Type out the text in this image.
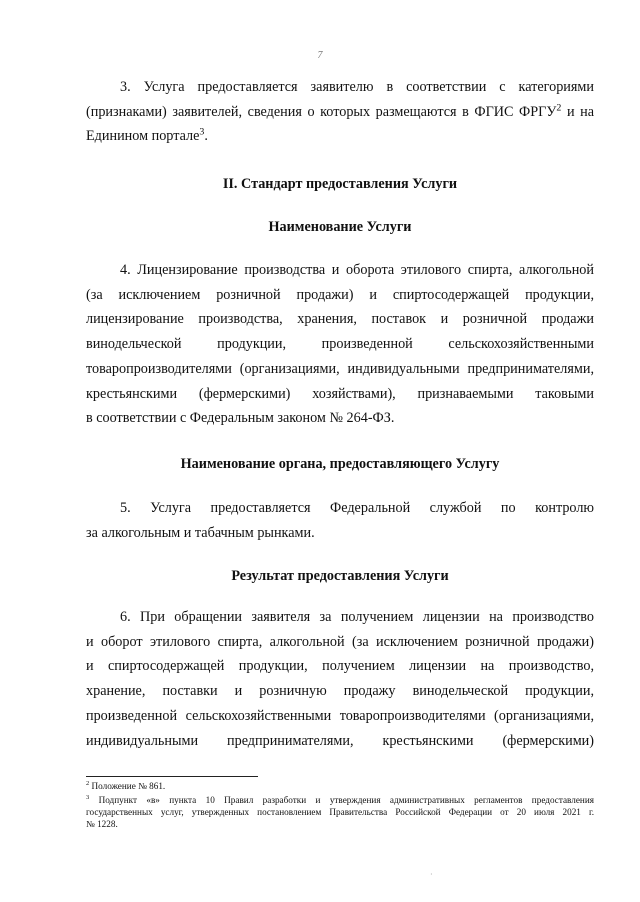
7
3. Услуга предоставляется заявителю в соответствии с категориями
(признаками) заявителей, сведения о которых размещаются в ФГИС ФРГУ$^2$ и на
Единином портале$^3$.
II. Стандарт предоставления Услуги
Наименование Услуги
4. Лицензирование производства и оборота этилового спирта, алкогольной
(за исключением розничной продажи) и спиртосодержащей продукции,
лицензирование производства, хранения, поставок и розничной продажи
винодельческой продукции, произведенной сельскохозяйственными
товаропроизводителями (организациями, индивидуальными предпринимателями,
крестьянскими (фермерскими) хозяйствами), признаваемыми таковыми
в соответствии с Федеральным законом № 264-ФЗ.
Наименование органа, предоставляющего Услугу
5. Услуга предоставляется Федеральной службой по контролю
за алкогольным и табачным рынками.
Результат предоставления Услуги
6. При обращении заявителя за получением лицензии на производство
и оборот этилового спирта, алкогольной (за исключением розничной продажи)
и спиртосодержащей продукции, получением лицензии на производство,
хранение, поставки и розничную продажу винодельческой продукции,
произведенной сельскохозяйственными товаропроизводителями (организациями,
индивидуальными предпринимателями, крестьянскими (фермерскими)
$^2$ Положение № 861.
$^3$ Подпункт «в» пункта 10 Правил разработки и утверждения административных регламентов предоставления
государственных услуг, утвержденных постановлением Правительства Российской Федерации от 20 июля 2021 г.
№ 1228.
·
